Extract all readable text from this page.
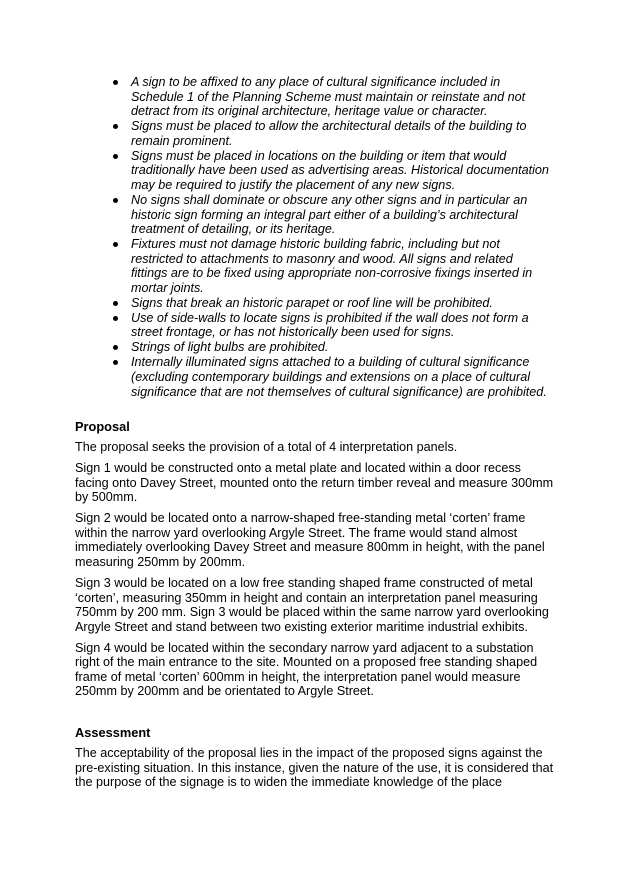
A sign to be affixed to any place of cultural significance included in Schedule 1 of the Planning Scheme must maintain or reinstate and not detract from its original architecture, heritage value or character.
Signs must be placed to allow the architectural details of the building to remain prominent.
Signs must be placed in locations on the building or item that would traditionally have been used as advertising areas. Historical documentation may be required to justify the placement of any new signs.
No signs shall dominate or obscure any other signs and in particular an historic sign forming an integral part either of a building’s architectural treatment of detailing, or its heritage.
Fixtures must not damage historic building fabric, including but not restricted to attachments to masonry and wood. All signs and related fittings are to be fixed using appropriate non-corrosive fixings inserted in mortar joints.
Signs that break an historic parapet or roof line will be prohibited.
Use of side-walls to locate signs is prohibited if the wall does not form a street frontage, or has not historically been used for signs.
Strings of light bulbs are prohibited.
Internally illuminated signs attached to a building of cultural significance (excluding contemporary buildings and extensions on a place of cultural significance that are not themselves of cultural significance) are prohibited.
Proposal

The proposal seeks the provision of a total of 4 interpretation panels.

Sign 1 would be constructed onto a metal plate and located within a door recess facing onto Davey Street, mounted onto the return timber reveal and measure 300mm by 500mm.

Sign 2 would be located onto a narrow-shaped free-standing metal ‘corten’ frame within the narrow yard overlooking Argyle Street. The frame would stand almost immediately overlooking Davey Street and measure 800mm in height, with the panel measuring 250mm by 200mm.

Sign 3 would be located on a low free standing shaped frame constructed of metal ‘corten’, measuring 350mm in height and contain an interpretation panel measuring 750mm by 200 mm. Sign 3 would be placed within the same narrow yard overlooking Argyle Street and stand between two existing exterior maritime industrial exhibits.

Sign 4 would be located within the secondary narrow yard adjacent to a substation right of the main entrance to the site. Mounted on a proposed free standing shaped frame of metal ‘corten’ 600mm in height, the interpretation panel would measure 250mm by 200mm and be orientated to Argyle Street.

Assessment

The acceptability of the proposal lies in the impact of the proposed signs against the pre-existing situation. In this instance, given the nature of the use, it is considered that the purpose of the signage is to widen the immediate knowledge of the place
